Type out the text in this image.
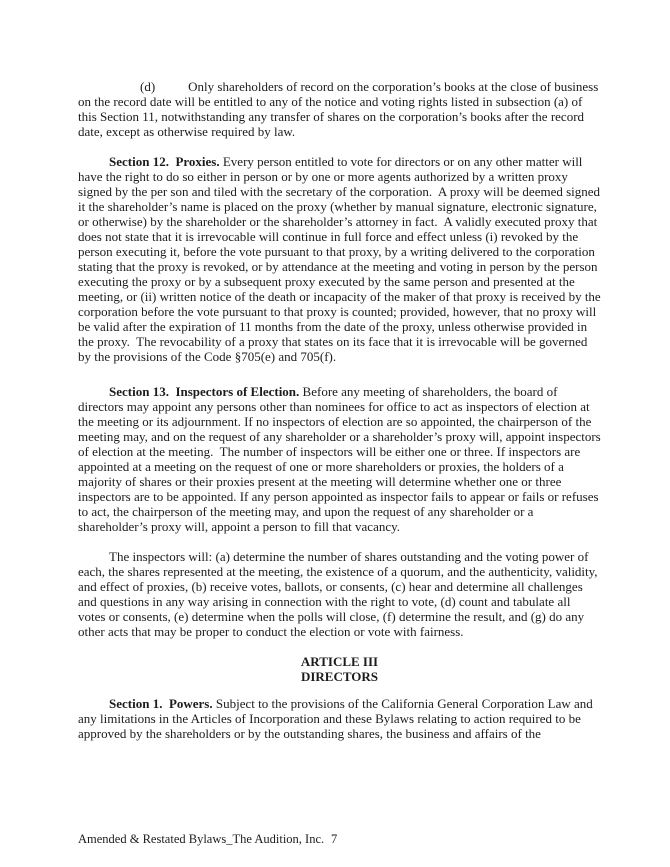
(d)	Only shareholders of record on the corporation’s books at the close of business on the record date will be entitled to any of the notice and voting rights listed in subsection (a) of this Section 11, notwithstanding any transfer of shares on the corporation’s books after the record date, except as otherwise required by law.

Section 12.  Proxies. Every person entitled to vote for directors or on any other matter will have the right to do so either in person or by one or more agents authorized by a written proxy signed by the per son and tiled with the secretary of the corporation.  A proxy will be deemed signed it the shareholder’s name is placed on the proxy (whether by manual signature, electronic signature, or otherwise) by the shareholder or the shareholder’s attorney in fact.  A validly executed proxy that does not state that it is irrevocable will continue in full force and effect unless (i) revoked by the person executing it, before the vote pursuant to that proxy, by a writing delivered to the corporation stating that the proxy is revoked, or by attendance at the meeting and voting in person by the person executing the proxy or by a subsequent proxy executed by the same person and presented at the meeting, or (ii) written notice of the death or incapacity of the maker of that proxy is received by the corporation before the vote pursuant to that proxy is counted; provided, however, that no proxy will be valid after the expiration of 11 months from the date of the proxy, unless otherwise provided in the proxy.  The revocability of a proxy that states on its face that it is irrevocable will be governed by the provisions of the Code §705(e) and 705(f).

Section 13.  Inspectors of Election. Before any meeting of shareholders, the board of directors may appoint any persons other than nominees for office to act as inspectors of election at the meeting or its adjournment. If no inspectors of election are so appointed, the chairperson of the meeting may, and on the request of any shareholder or a shareholder’s proxy will, appoint inspectors of election at the meeting.  The number of inspectors will be either one or three. If inspectors are appointed at a meeting on the request of one or more shareholders or proxies, the holders of a majority of shares or their proxies present at the meeting will determine whether one or three inspectors are to be appointed. If any person appointed as inspector fails to appear or fails or refuses to act, the chairperson of the meeting may, and upon the request of any shareholder or a shareholder’s proxy will, appoint a person to fill that vacancy.

The inspectors will: (a) determine the number of shares outstanding and the voting power of each, the shares represented at the meeting, the existence of a quorum, and the authenticity, validity, and effect of proxies, (b) receive votes, ballots, or consents, (c) hear and determine all challenges and questions in any way arising in connection with the right to vote, (d) count and tabulate all votes or consents, (e) determine when the polls will close, (f) determine the result, and (g) do any other acts that may be proper to conduct the election or vote with fairness.

ARTICLE III
DIRECTORS

Section 1.  Powers. Subject to the provisions of the California General Corporation Law and any limitations in the Articles of Incorporation and these Bylaws relating to action required to be approved by the shareholders or by the outstanding shares, the business and affairs of the

Amended & Restated Bylaws_The Audition, Inc. 7
